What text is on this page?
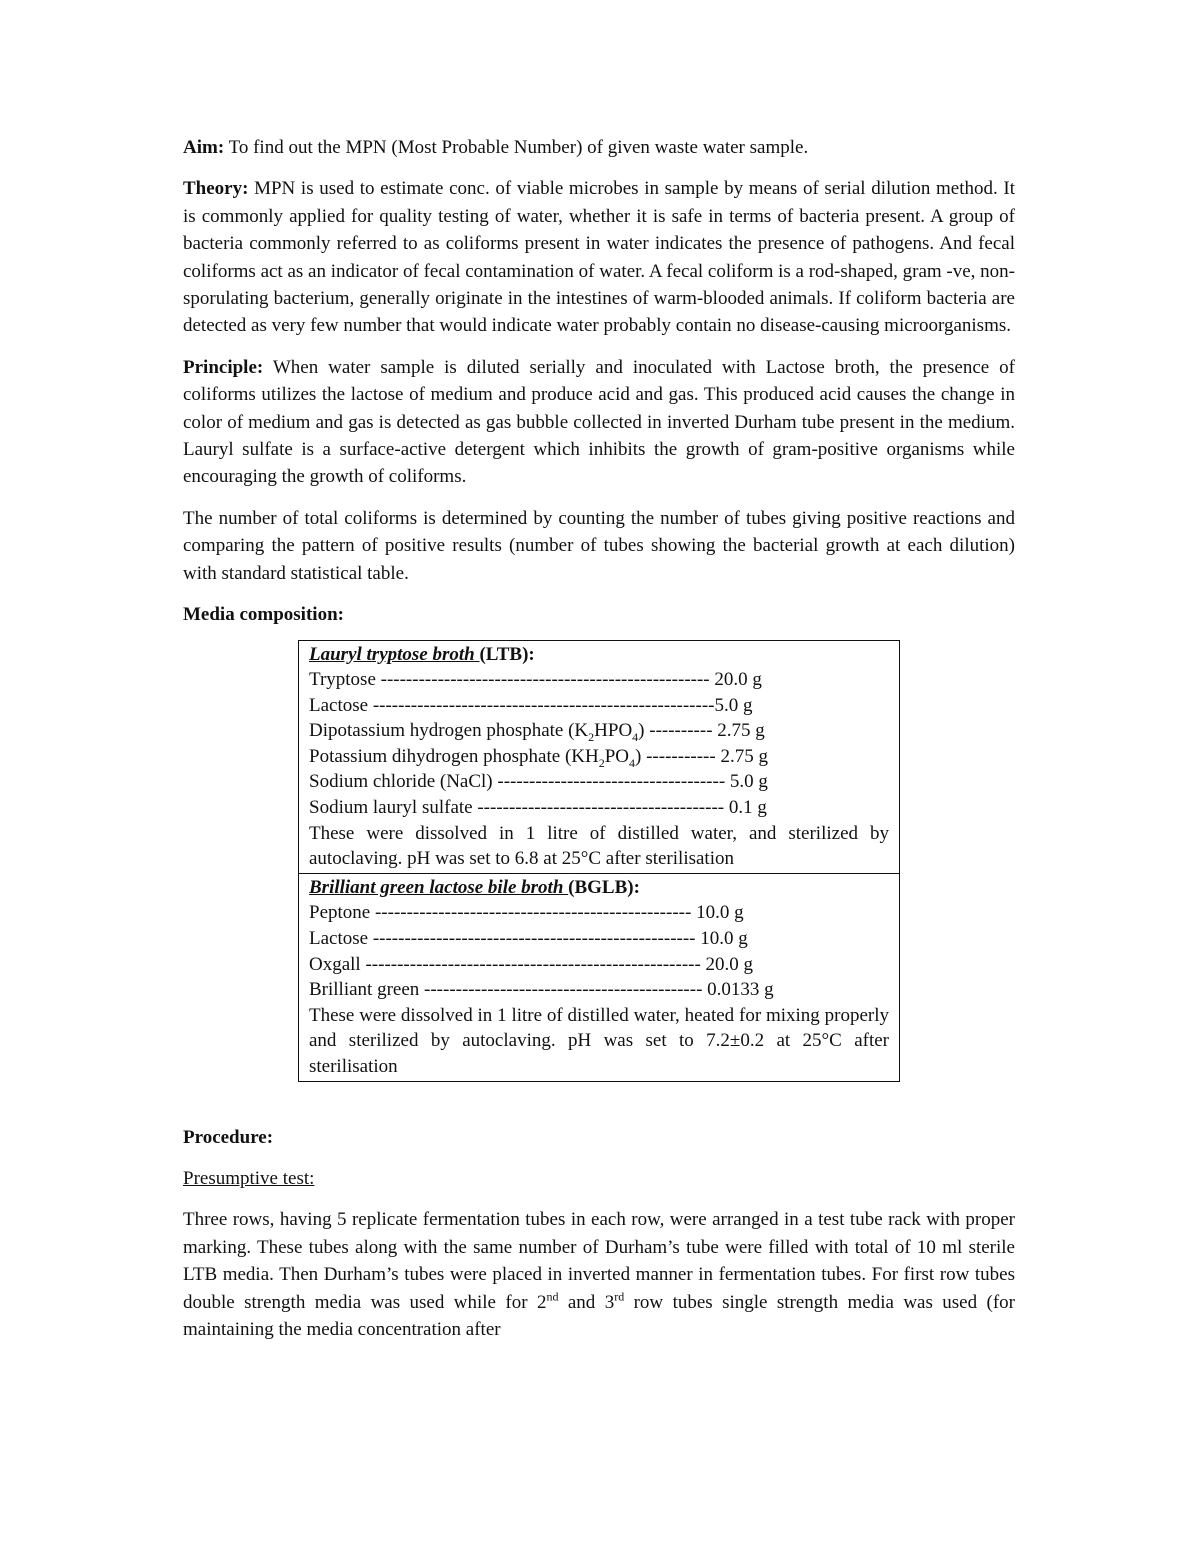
Aim: To find out the MPN (Most Probable Number) of given waste water sample.

Theory: MPN is used to estimate conc. of viable microbes in sample by means of serial dilution method. It is commonly applied for quality testing of water, whether it is safe in terms of bacteria present. A group of bacteria commonly referred to as coliforms present in water indicates the presence of pathogens. And fecal coliforms act as an indicator of fecal contamination of water. A fecal coliform is a rod-shaped, gram -ve, non-sporulating bacterium, generally originate in the intestines of warm-blooded animals. If coliform bacteria are detected as very few number that would indicate water probably contain no disease-causing microorganisms.

Principle: When water sample is diluted serially and inoculated with Lactose broth, the presence of coliforms utilizes the lactose of medium and produce acid and gas. This produced acid causes the change in color of medium and gas is detected as gas bubble collected in inverted Durham tube present in the medium. Lauryl sulfate is a surface-active detergent which inhibits the growth of gram-positive organisms while encouraging the growth of coliforms.

The number of total coliforms is determined by counting the number of tubes giving positive reactions and comparing the pattern of positive results (number of tubes showing the bacterial growth at each dilution) with standard statistical table.

Media composition:

Lauryl tryptose broth (LTB):
Tryptose ---------------------------------------------------- 20.0 g
Lactose ------------------------------------------------------5.0 g
Dipotassium hydrogen phosphate $(K_2HPO_4)$ ---------- 2.75 g
Potassium dihydrogen phosphate $(KH_2PO_4)$ ----------- 2.75 g
Sodium chloride (NaCl) ------------------------------------ 5.0 g
Sodium lauryl sulfate --------------------------------------- 0.1 g
These were dissolved in 1 litre of distilled water, and sterilized by autoclaving. pH was set to 6.8 at 25°C after sterilisation
Brilliant green lactose bile broth (BGLB):
Peptone -------------------------------------------------- 10.0 g
Lactose --------------------------------------------------- 10.0 g
Oxgall ----------------------------------------------------- 20.0 g
Brilliant green -------------------------------------------- 0.0133 g
These were dissolved in 1 litre of distilled water, heated for mixing properly and sterilized by autoclaving. pH was set to 7.2±0.2 at 25°C after sterilisation

Procedure:

Presumptive test:

Three rows, having 5 replicate fermentation tubes in each row, were arranged in a test tube rack with proper marking. These tubes along with the same number of Durham’s tube were filled with total of 10 ml sterile LTB media. Then Durham’s tubes were placed in inverted manner in fermentation tubes. For first row tubes double strength media was used while for 2nd and 3rd row tubes single strength media was used (for maintaining the media concentration after
